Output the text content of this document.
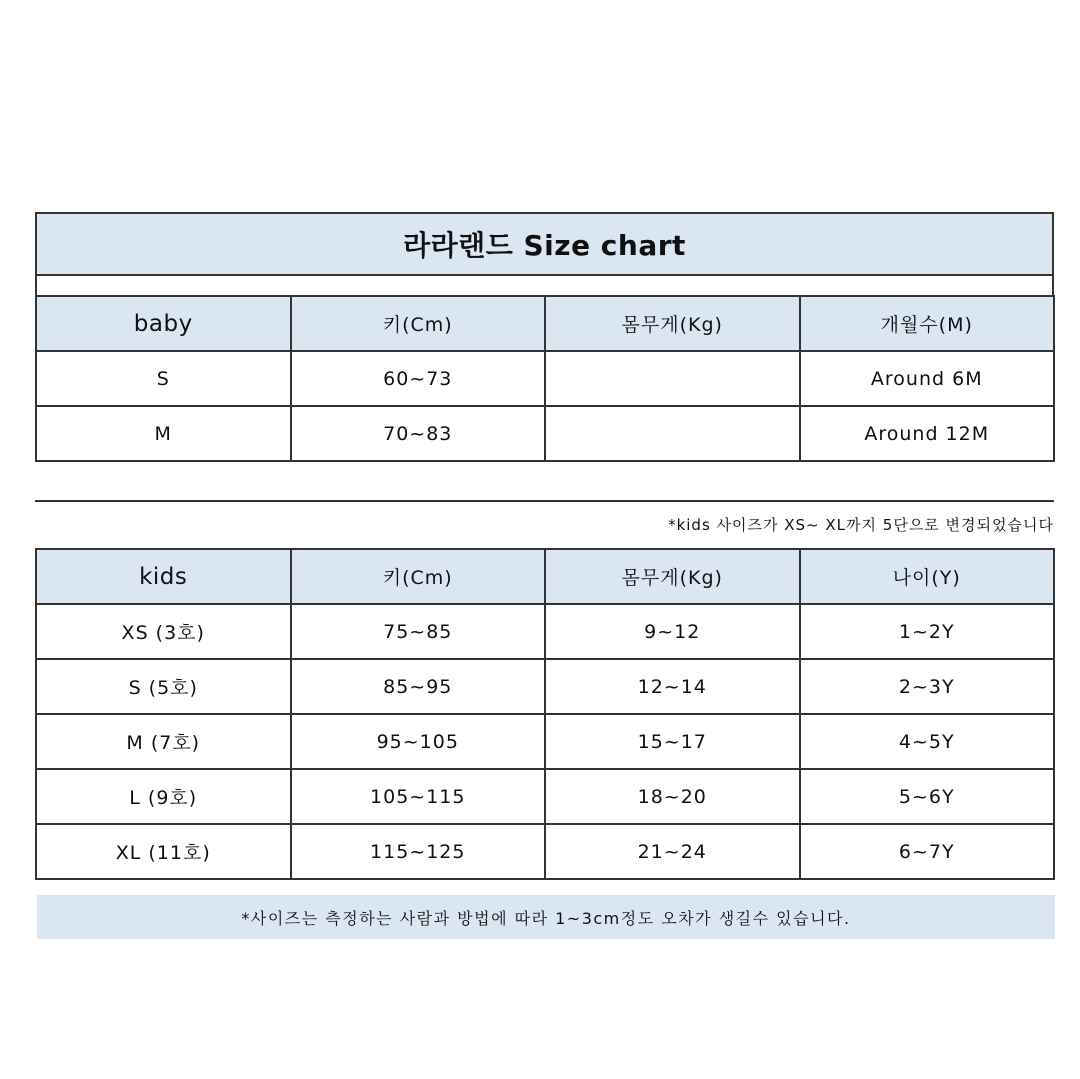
라라랜드 Size chart
baby	키(Cm)	몸무게(Kg)	개월수(M)
S	60~73		Around 6M
M	70~83		Around 12M
*kids 사이즈가 XS~ XL까지 5단으로 변경되었습니다
kids	키(Cm)	몸무게(Kg)	나이(Y)
XS (3호)	75~85	9~12	1~2Y
S (5호)	85~95	12~14	2~3Y
M (7호)	95~105	15~17	4~5Y
L (9호)	105~115	18~20	5~6Y
XL (11호)	115~125	21~24	6~7Y
*사이즈는 측정하는 사람과 방법에 따라 1~3cm정도 오차가 생길수 있습니다.
